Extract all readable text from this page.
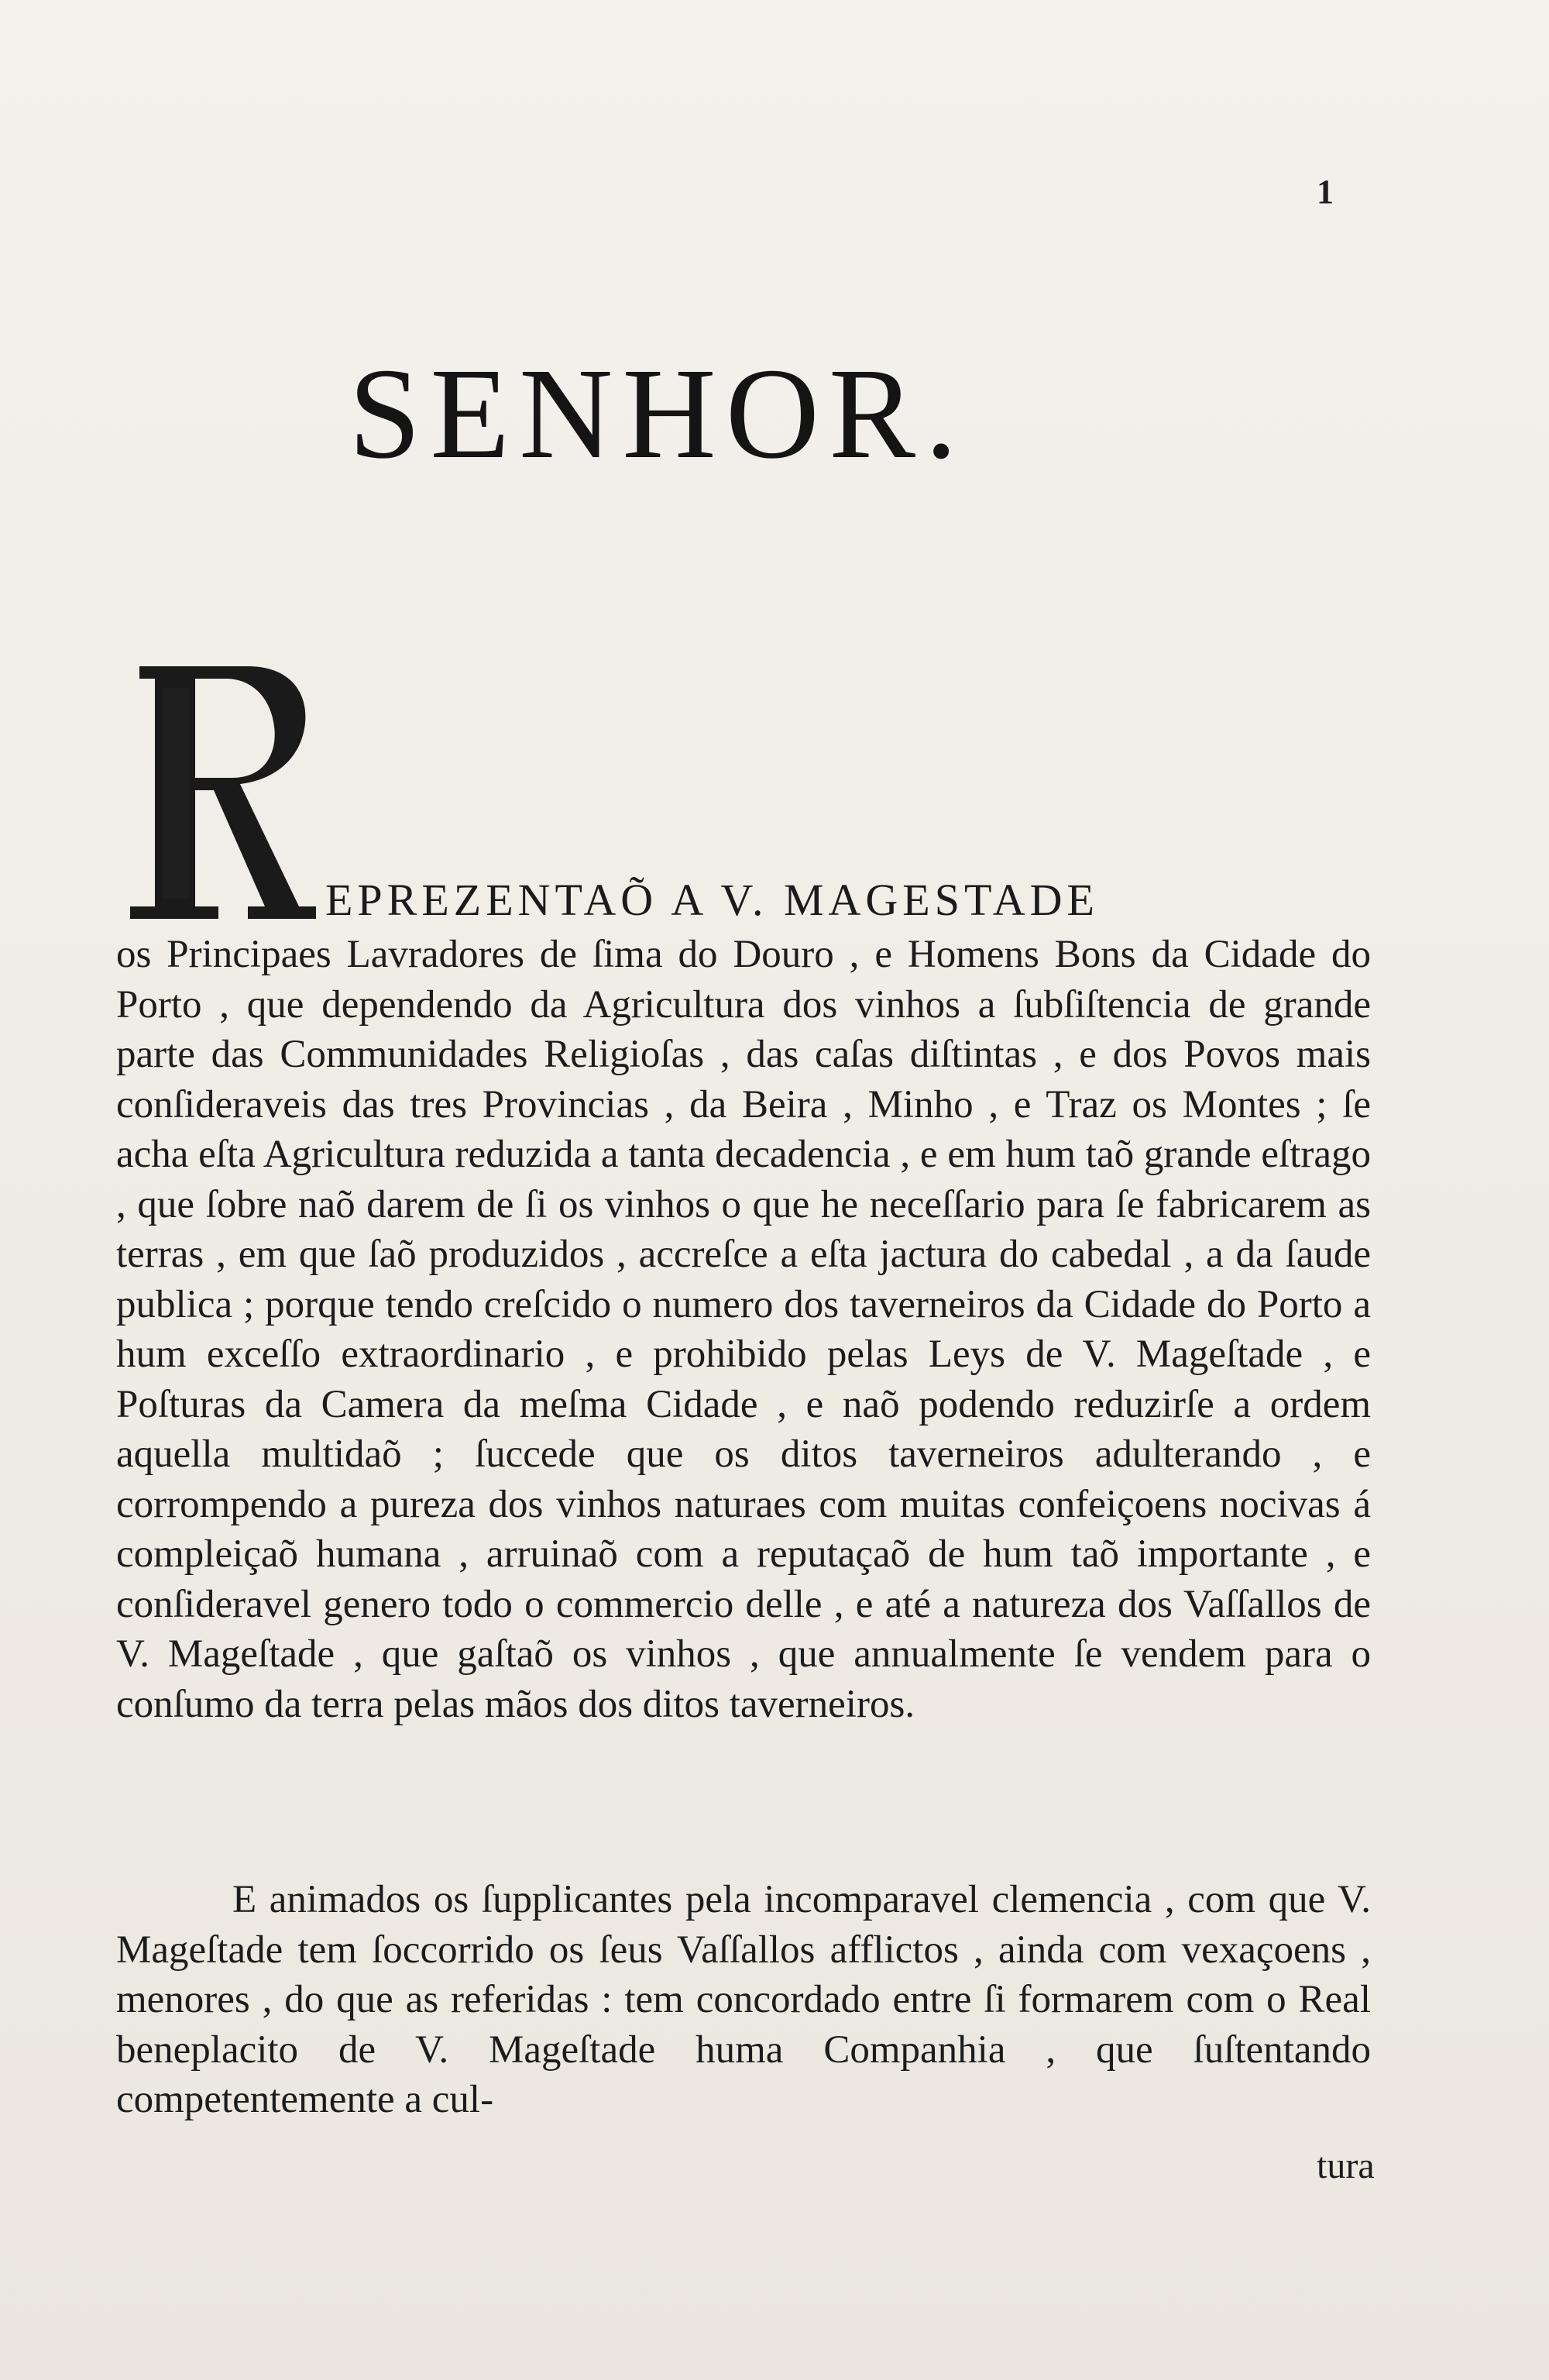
1
SENHOR.
EPREZENTAÕ A V. MAGESTADE
os Principaes Lavradores de ſima do Douro , e Homens Bons da Cidade do Porto , que dependendo da Agricultura dos vinhos a ſubſiſtencia de grande parte das Communidades Religioſas , das caſas diſtintas , e dos Povos mais conſideraveis das tres Provincias , da Beira , Minho , e Traz os Montes ; ſe acha eſta Agricultura reduzida a tanta decadencia , e em hum taõ grande eſtrago , que ſobre naõ darem de ſi os vinhos o que he neceſſario para ſe fabricarem as terras , em que ſaõ produzidos , accreſce a eſta jactura do cabedal , a da ſaude publica ; porque tendo creſcido o numero dos taverneiros da Cidade do Porto a hum exceſſo extraordinario , e prohibido pelas Leys de V. Mageſtade , e Poſturas da Camera da meſma Cidade , e naõ podendo reduzirſe a ordem aquella multidaõ ; ſuccede que os ditos taverneiros adulterando , e corrompendo a pureza dos vinhos naturaes com muitas confeiçoens nocivas á compleiçaõ humana , arruinaõ com a reputaçaõ de hum taõ importante , e conſideravel genero todo o commercio delle , e até a natureza dos Vaſſallos de V. Mageſtade , que gaſtaõ os vinhos , que annualmente ſe vendem para o conſumo da terra pelas mãos dos ditos taverneiros.
E animados os ſupplicantes pela incomparavel clemencia , com que V. Mageſtade tem ſoccorrido os ſeus Vaſſallos afflictos , ainda com vexaçoens , menores , do que as referidas : tem concordado entre ſi formarem com o Real beneplacito de V. Mageſtade huma Companhia , que ſuſtentando competentemente a cul-
tura
